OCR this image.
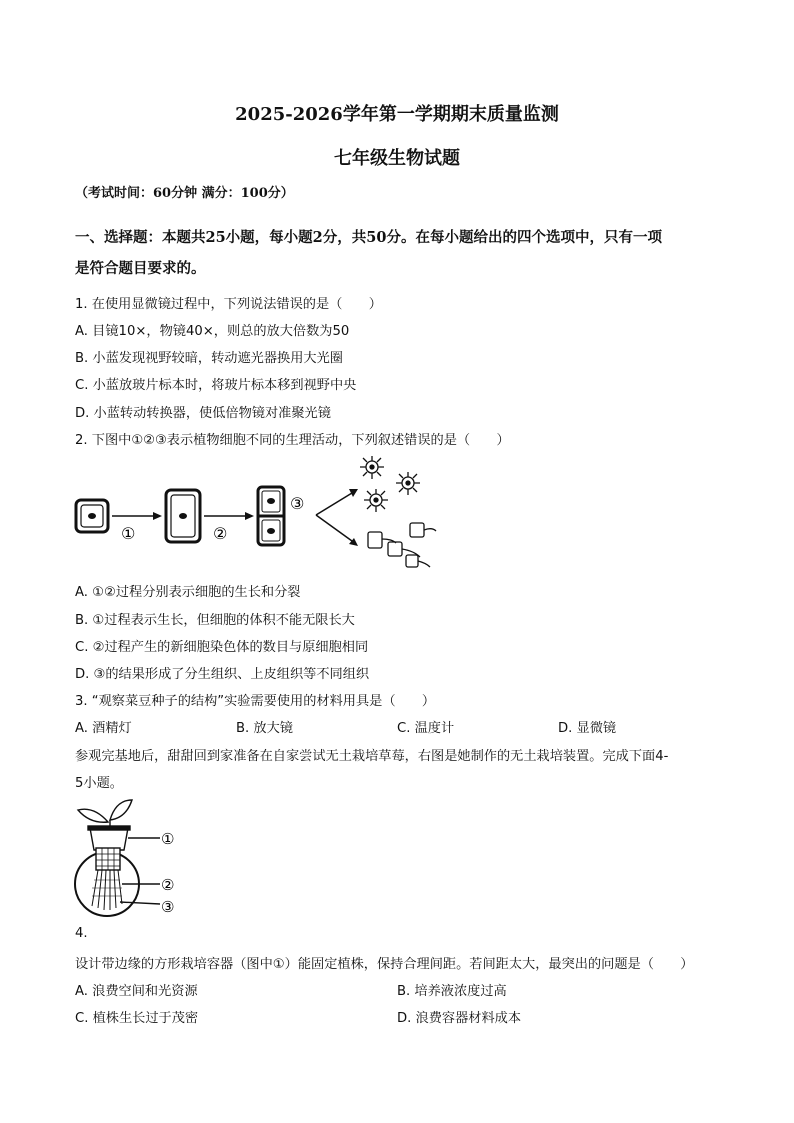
2025-2026学年第一学期期末质量监测
七年级生物试题
（考试时间：60分钟 满分：100分）
一、选择题：本题共25小题，每小题2分，共50分。在每小题给出的四个选项中，只有一项
是符合题目要求的。
1. 在使用显微镜过程中，下列说法错误的是（　　）
A. 目镜10×，物镜40×，则总的放大倍数为50
B. 小蓝发现视野较暗，转动遮光器换用大光圈
C. 小蓝放玻片标本时，将玻片标本移到视野中央
D. 小蓝转动转换器，使低倍物镜对准聚光镜
2. 下图中①②③表示植物细胞不同的生理活动，下列叙述错误的是（　　）
①	②
③
A. ①②过程分别表示细胞的生长和分裂
B. ①过程表示生长，但细胞的体积不能无限长大
C. ②过程产生的新细胞染色体的数目与原细胞相同
D. ③的结果形成了分生组织、上皮组织等不同组织
3. “观察菜豆种子的结构”实验需要使用的材料用具是（　　）
A. 酒精灯	B. 放大镜	C. 温度计	D. 显微镜
参观完基地后，甜甜回到家准备在自家尝试无土栽培草莓，右图是她制作的无土栽培装置。完成下面4-
5小题。
①
②
③
4.
设计带边缘的方形栽培容器（图中①）能固定植株，保持合理间距。若间距太大，最突出的问题是（　　）
A. 浪费空间和光资源	B. 培养液浓度过高
C. 植株生长过于茂密	D. 浪费容器材料成本
